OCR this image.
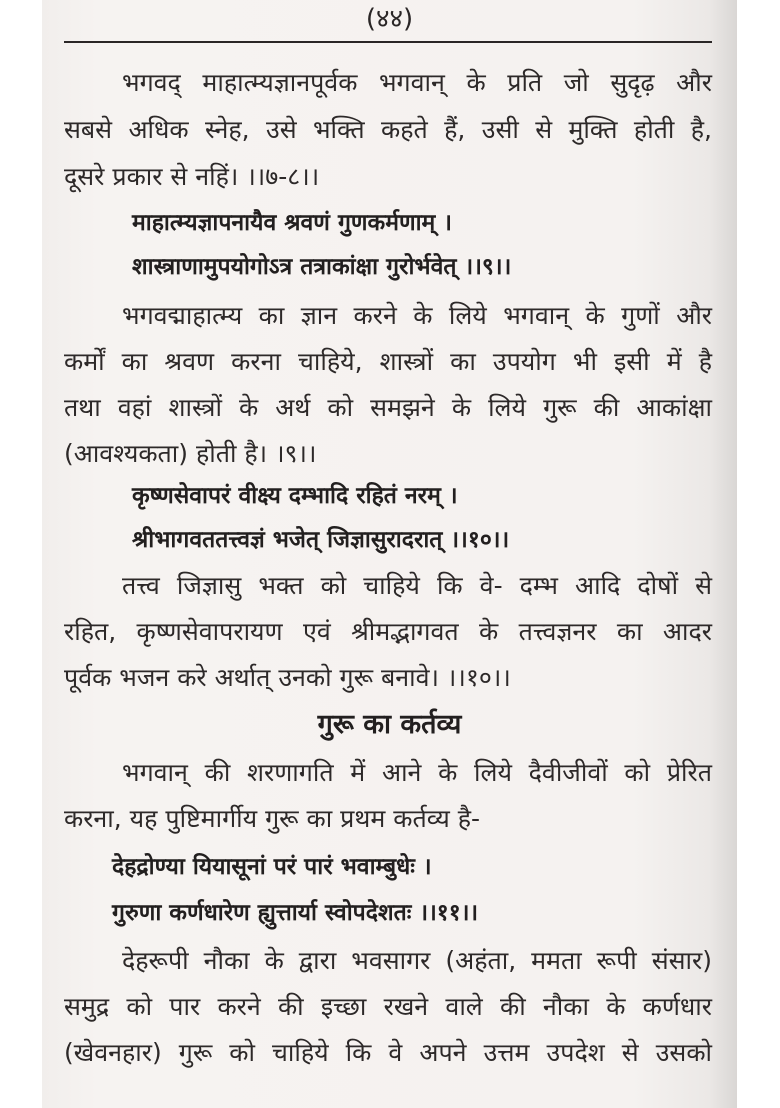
(४४)
भगवद् माहात्म्यज्ञानपूर्वक भगवान् के प्रति जो सुदृढ़ और
सबसे अधिक स्नेह, उसे भक्ति कहते हैं, उसी से मुक्ति होती है,
दूसरे प्रकार से नहिं। ।।७-८।।
माहात्म्यज्ञापनायैव श्रवणं गुणकर्मणाम् ।
शास्त्राणामुपयोगोऽत्र तत्राकांक्षा गुरोर्भवेत् ।।९।।
भगवद्माहात्म्य का ज्ञान करने के लिये भगवान् के गुणों और
कर्मों का श्रवण करना चाहिये, शास्त्रों का उपयोग भी इसी में है
तथा वहां शास्त्रों के अर्थ को समझने के लिये गुरू की आकांक्षा
(आवश्यकता) होती है। ।९।।
कृष्णसेवापरं वीक्ष्य दम्भादि रहितं नरम् ।
श्रीभागवततत्त्वज्ञं भजेत् जिज्ञासुरादरात् ।।१०।।
तत्त्व जिज्ञासु भक्त को चाहिये कि वे- दम्भ आदि दोषों से
रहित, कृष्णसेवापरायण एवं श्रीमद्भागवत के तत्त्वज्ञनर का आदर
पूर्वक भजन करे अर्थात् उनको गुरू बनावे। ।।१०।।
गुरू का कर्तव्य
भगवान् की शरणागति में आने के लिये दैवीजीवों को प्रेरित
करना, यह पुष्टिमार्गीय गुरू का प्रथम कर्तव्य है-
देहद्रोण्या यियासूनां परं पारं भवाम्बुधेः ।
गुरुणा कर्णधारेण ह्युत्तार्या स्वोपदेशतः ।।११।।
देहरूपी नौका के द्वारा भवसागर (अहंता, ममता रूपी संसार)
समुद्र को पार करने की इच्छा रखने वाले की नौका के कर्णधार
(खेवनहार) गुरू को चाहिये कि वे अपने उत्तम उपदेश से उसको
